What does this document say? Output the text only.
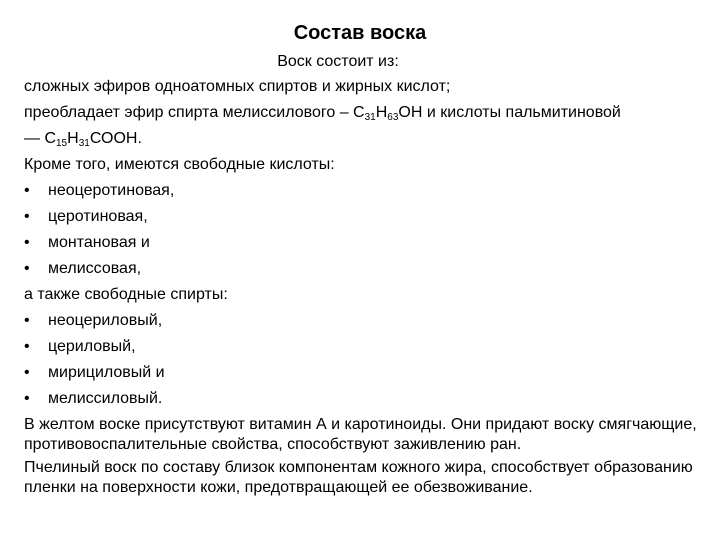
Состав воска
Воск состоит из:
сложных эфиров одноатомных спиртов и жирных кислот;
преобладает эфир спирта мелиссилового – $С_{31}Н_{63}ОН$ и кислоты пальмитиновой
— $С_{15}Н_{31}СООН$.
Кроме того, имеются свободные кислоты:
• неоцеротиновая,
• церотиновая,
• монтановая и
• мелиссовая,
а также свободные спирты:
• неоцериловый,
• цериловый,
• мирициловый и
• мелиссиловый.
В желтом воске присутствуют витамин А и каротиноиды. Они придают воску смягчающие, противовоспалительные свойства, способствуют заживлению ран.
Пчелиный воск по составу близок компонентам кожного жира, способствует образованию пленки на поверхности кожи, предотвращающей ее обезвоживание.
